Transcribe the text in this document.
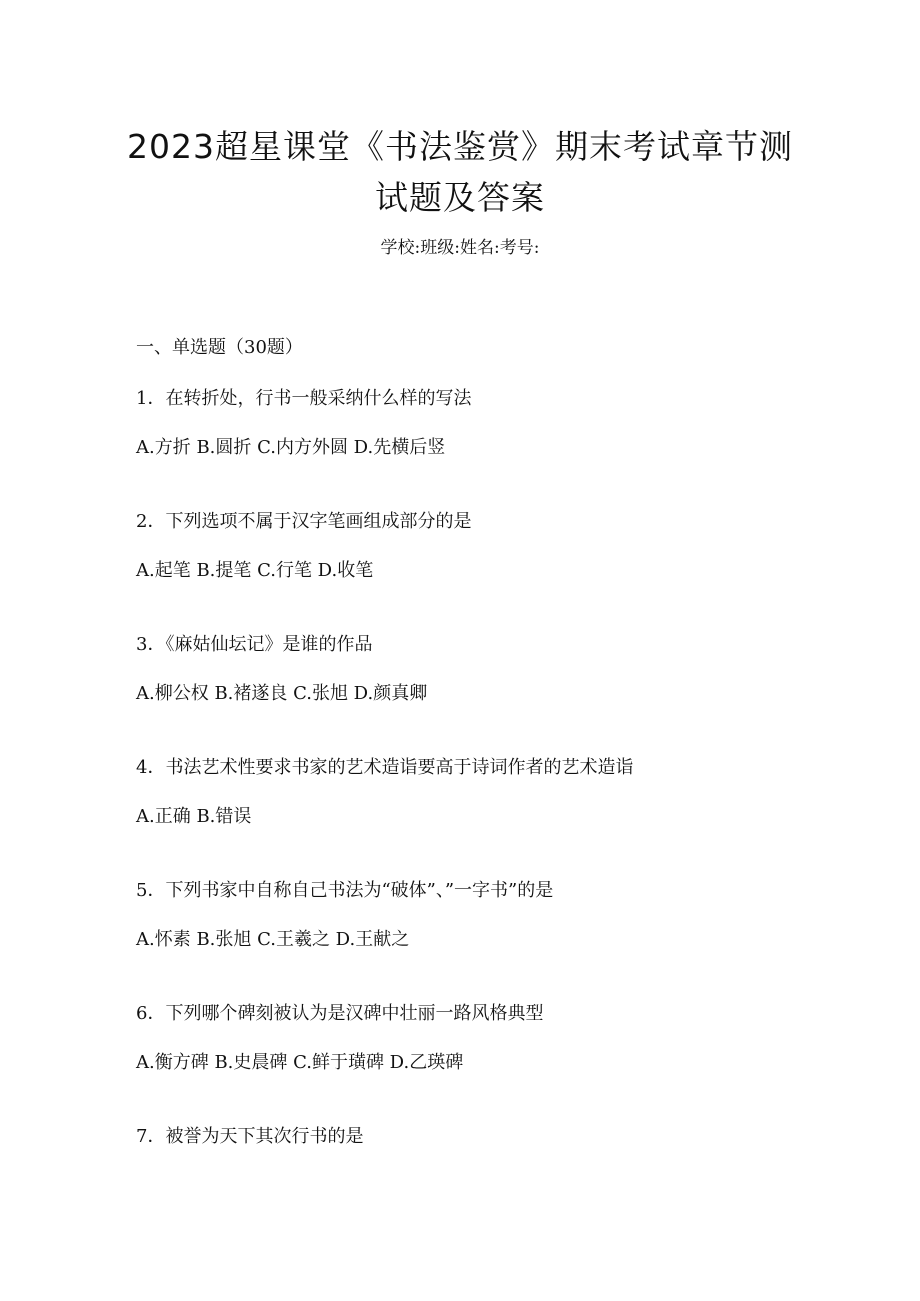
2023超星课堂《书法鉴赏》期末考试章节测
试题及答案
学校:班级:姓名:考号:
一、单选题（30题）
1．在转折处，行书一般采纳什么样的写法
A.方折 B.圆折 C.内方外圆 D.先横后竖
2．下列选项不属于汉字笔画组成部分的是
A.起笔 B.提笔 C.行笔 D.收笔
3．《麻姑仙坛记》是谁的作品
A.柳公权 B.褚遂良 C.张旭 D.颜真卿
4．书法艺术性要求书家的艺术造诣要高于诗词作者的艺术造诣
A.正确 B.错误
5．下列书家中自称自己书法为“破体”、”一字书”的是
A.怀素 B.张旭 C.王羲之 D.王献之
6．下列哪个碑刻被认为是汉碑中壮丽一路风格典型
A.衡方碑 B.史晨碑 C.鲜于璜碑 D.乙瑛碑
7．被誉为天下其次行书的是
